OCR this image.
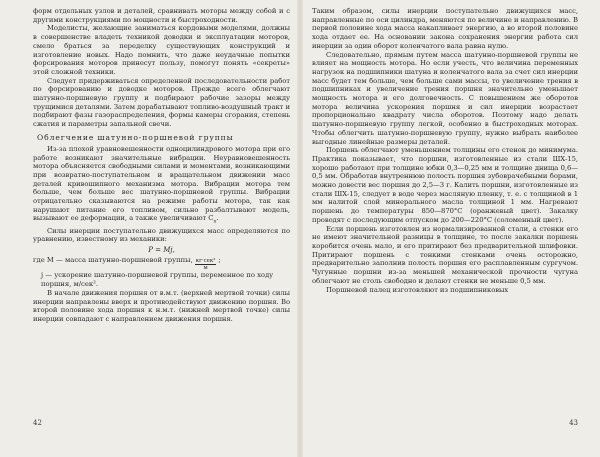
форм отдельных узлов и деталей, сравнивать моторы между собой и с другими конструкциями по мощности и быстроходности.

Моделисты, желающие заниматься кордовыми моделями, должны в совершенстве владеть техникой доводки и эксплуатации моторов, смело браться за переделку существующих конструкций и изготовление новых. Надо помнить, что даже неудачные попытки форсирования моторов принесут пользу, помогут понять «секреты» этой сложной техники.

Следует придерживаться определенной последовательности работ по форсированию и доводке моторов. Прежде всего облегчают шатунно-поршневую группу и подбирают рабочие зазоры между трущимися деталями. Затем дорабатывают топливо-воздушный тракт и подбирают фазы газораспределения, формы камеры сгорания, степень сжатия и параметры запальной свечи.

Облегчение шатунно-поршневой группы

Из-за плохой уравновешенности одноцилиндрового мотора при его работе возникают значительные вибрации. Неуравновешенность мотора объясняется свободными силами и моментами, возникающими при возвратно-поступательном и вращательном движении масс деталей кривошипного механизма мотора. Вибрации мотора тем больше, чем больше вес шатунно-поршневой группы. Вибрации отрицательно сказываются на режиме работы мотора, так как нарушают питание его топливом, сильно разбалтывают модель, вызывают ее деформации, а также увеличивают $C_x$.

Силы инерции поступательно движущихся масс определяются по уравнению, известному из механики:

P = Mj,
где M — масса шатунно-поршневой группы, $\frac{\text{кг·сек²}}{м}$ ;
j — ускорение шатунно-поршневой группы, переменное по ходу поршня, м/сек².

В начале движения поршня от в.м.т. (верхней мертвой точки) силы инерции направлены вверх и противодействуют движению поршня. Во второй половине хода поршня к н.м.т. (нижней мертвой точке) силы инерции совпадают с направлением движения поршня.

42

Таким образом, силы инерции поступательно движущихся масс, направленные по оси цилиндра, меняются по величине и направлению. В первой половине хода масса накапливает энергию, а во второй половине хода отдает ее. На основании закона сохранения энергии работа сил инерции за один оборот коленчатого вала равна нулю.

Следовательно, прямым путем масса шатунно-поршневой группы не влияет на мощность мотора. Но если учесть, что величина переменных нагрузок на подшипники шатуна и коленчатого вала за счет сил инерции масс будет тем больше, чем больше сами массы, то увеличение трения в подшипниках и увеличение трения поршня значительно уменьшает мощность мотора и его долговечность. С повышением же оборотов мотора величина ускорения поршня и сил инерции возрастает пропорционально квадрату числа оборотов. Поэтому надо делать шатунно-поршневую группу легкой, особенно в быстроходных моторах. Чтобы облегчить шатунно-поршневую группу, нужно выбрать наиболее выгодные линейные размеры деталей.

Поршень облегчают уменьшением толщины его стенок до минимума. Практика показывает, что поршни, изготовленные из стали ШХ-15, хорошо работают при толщине юбки 0,3—0,25 мм и толщине днища 0,6—0,5 мм. Обработав внутреннюю полость поршня зубоврачебными борами, можно довести вес поршня до 2,5—3 г. Калить поршни, изготовленные из стали ШХ-15, следует в воде через масляную пленку, т. е. с толщиной в 1 мм налитой слой минерального масла толщиной 1 мм. Нагревают поршень до температуры 850—870°С (оранжевый цвет). Закалку проводят с последующим отпуском до 200—220°С (соломенный цвет).

Если поршень изготовлен из нормализированной стали, а стенки его не имеют значительной разницы в толщине, то после закалки поршень коробится очень мало, и его притирают без предварительной шлифовки. Притирают поршень с тонкими стенками очень осторожно, предварительно заполнив полость поршня его расплавленным сургучом. Чугунные поршни из-за меньшей механической прочности чугуна облегчают не столь свободно и делают стенки не меньше 0,5 мм.

Поршневой палец изготовляют из подшипниковых

43
